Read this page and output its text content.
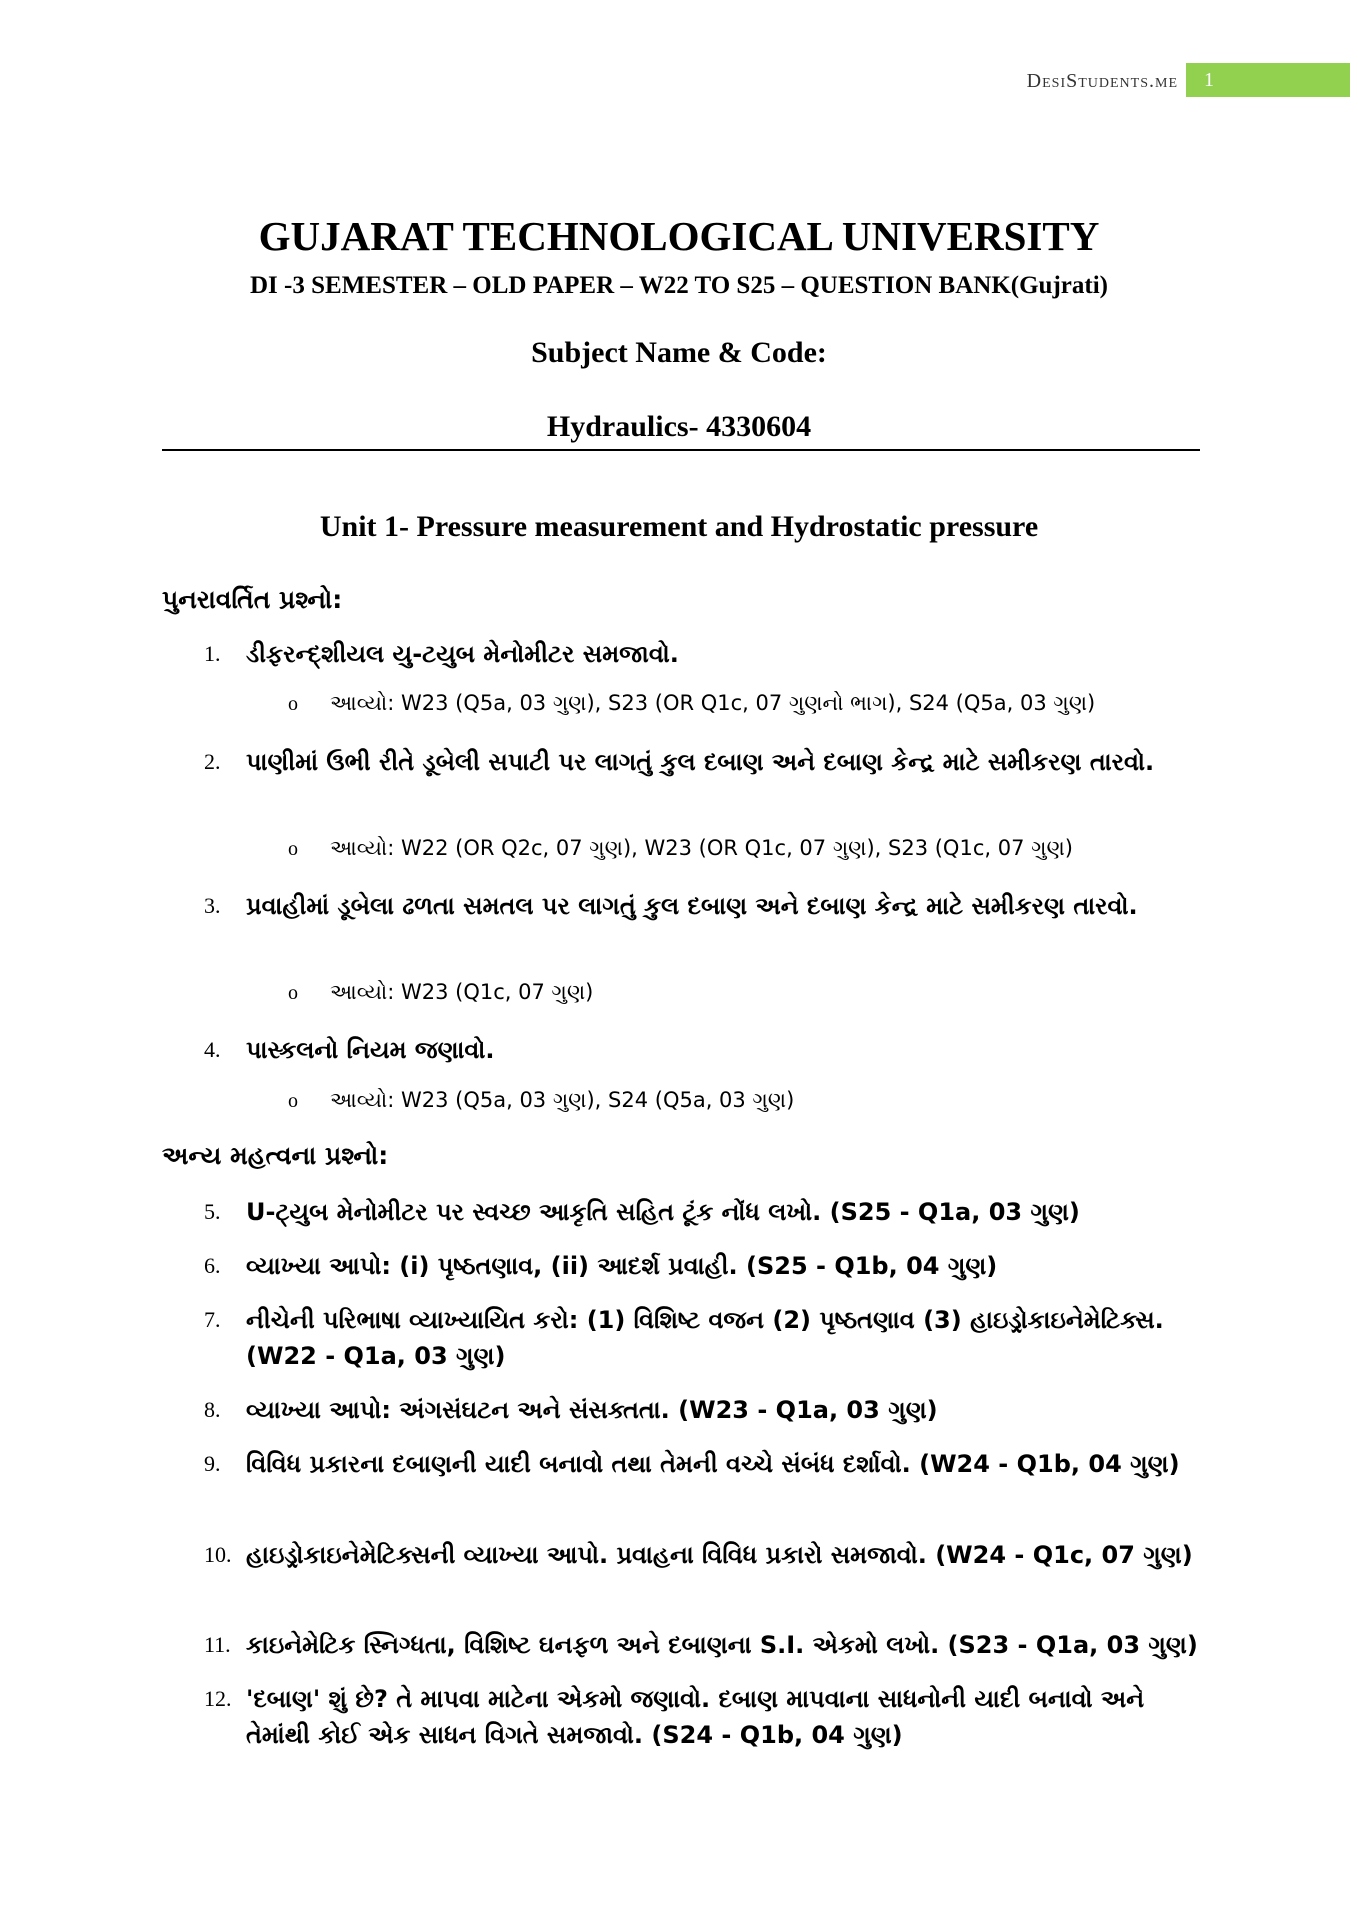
DesiStudents.me	1
GUJARAT TECHNOLOGICAL UNIVERSITY
DI -3 SEMESTER – OLD PAPER – W22 TO S25 – QUESTION BANK(Gujrati)
Subject Name & Code:
Hydraulics- 4330604
Unit 1- Pressure measurement and Hydrostatic pressure
પુનરાવર્તિત પ્રશ્નો:
1. ડીફરન્દ્શીયલ યુ-ટયુબ મેનોમીટર સમજાવો.
o આવ્યો: W23 (Q5a, 03 ગુણ), S23 (OR Q1c, 07 ગુણનો ભાગ), S24 (Q5a, 03 ગુણ)
2. પાણીમાં ઉભી રીતે ડૂબેલી સપાટી પર લાગતું કુલ દબાણ અને દબાણ કેન્દ્ર માટે સમીકરણ તારવો.
o આવ્યો: W22 (OR Q2c, 07 ગુણ), W23 (OR Q1c, 07 ગુણ), S23 (Q1c, 07 ગુણ)
3. પ્રવાહીમાં ડૂબેલા ઢળતા સમતલ પર લાગતું કુલ દબાણ અને દબાણ કેન્દ્ર માટે સમીકરણ તારવો.
o આવ્યો: W23 (Q1c, 07 ગુણ)
4. પાસ્કલનો નિયમ જણાવો.
o આવ્યો: W23 (Q5a, 03 ગુણ), S24 (Q5a, 03 ગુણ)
અન્ય મહત્વના પ્રશ્નો:
5. U-ટ્યુબ મેનોમીટર પર સ્વચ્છ આકૃતિ સહિત ટૂંક નોંધ લખો. (S25 - Q1a, 03 ગુણ)
6. વ્યાખ્યા આપો: (i) પૃષ્ઠતણાવ, (ii) આદર્શ પ્રવાહી. (S25 - Q1b, 04 ગુણ)
7. નીચેની પરિભાષા વ્યાખ્યાયિત કરો: (1) વિશિષ્ટ વજન (2) પૃષ્ઠતણાવ (3) હાઇડ્રોકાઇનેમેટિક્સ. (W22 - Q1a, 03 ગુણ)
8. વ્યાખ્યા આપો: અંગસંઘટન અને સંસક્તતા. (W23 - Q1a, 03 ગુણ)
9. વિવિધ પ્રકારના દબાણની યાદી બનાવો તથા તેમની વચ્ચે સંબંધ દર્શાવો. (W24 - Q1b, 04 ગુણ)
10. હાઇડ્રોકાઇનેમેટિક્સની વ્યાખ્યા આપો. પ્રવાહના વિવિધ પ્રકારો સમજાવો. (W24 - Q1c, 07 ગુણ)
11. કાઇનેમેટિક સ્નિગ્ધતા, વિશિષ્ટ ઘનફળ અને દબાણના S.I. એકમો લખો. (S23 - Q1a, 03 ગુણ)
12. 'દબાણ' શું છે? તે માપવા માટેના એકમો જણાવો. દબાણ માપવાના સાધનોની યાદી બનાવો અને તેમાંથી કોઈ એક સાધન વિગતે સમજાવો. (S24 - Q1b, 04 ગુણ)
